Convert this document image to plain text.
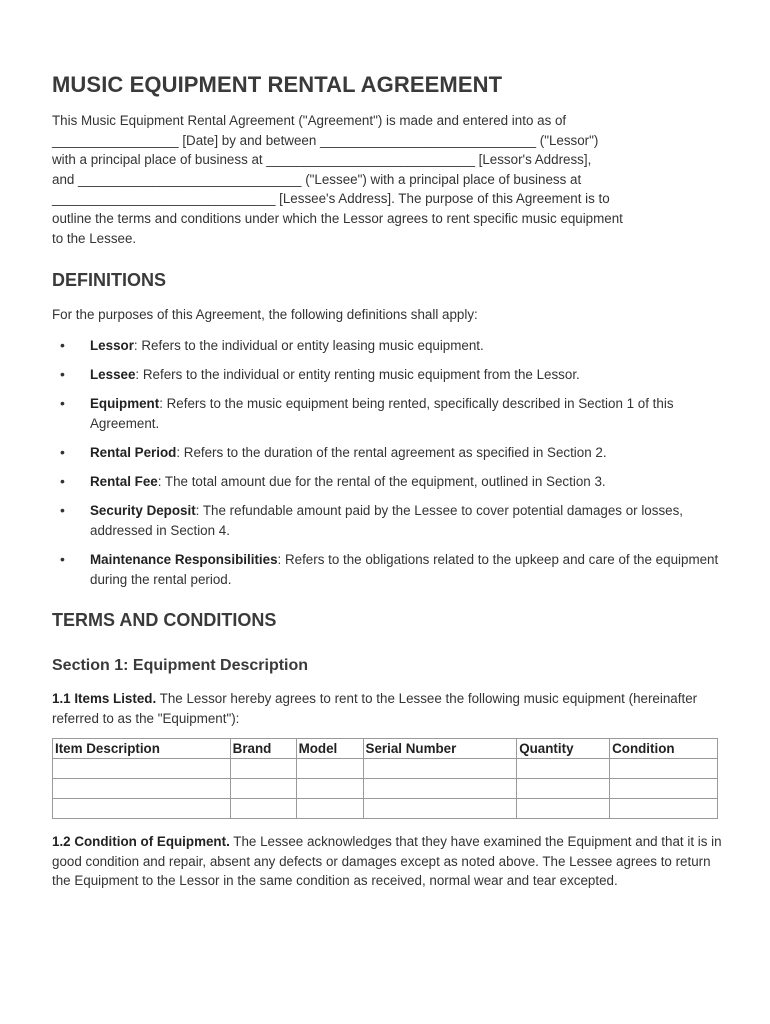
MUSIC EQUIPMENT RENTAL AGREEMENT

This Music Equipment Rental Agreement ("Agreement") is made and entered into as of
_________________ [Date] by and between _____________________________ ("Lessor")
with a principal place of business at ____________________________ [Lessor's Address],
and ______________________________ ("Lessee") with a principal place of business at
______________________________ [Lessee's Address]. The purpose of this Agreement is to
outline the terms and conditions under which the Lessor agrees to rent specific music equipment
to the Lessee.

DEFINITIONS

For the purposes of this Agreement, the following definitions shall apply:

• Lessor: Refers to the individual or entity leasing music equipment.
• Lessee: Refers to the individual or entity renting music equipment from the Lessor.
• Equipment: Refers to the music equipment being rented, specifically described in Section 1 of this Agreement.
• Rental Period: Refers to the duration of the rental agreement as specified in Section 2.
• Rental Fee: The total amount due for the rental of the equipment, outlined in Section 3.
• Security Deposit: The refundable amount paid by the Lessee to cover potential damages or losses, addressed in Section 4.
• Maintenance Responsibilities: Refers to the obligations related to the upkeep and care of the equipment during the rental period.
TERMS AND CONDITIONS
Section 1: Equipment Description

1.1 Items Listed. The Lessor hereby agrees to rent to the Lessee the following music equipment (hereinafter referred to as the "Equipment"):

Item Description	Brand	Model	Serial Number	Quantity	Condition

1.2 Condition of Equipment. The Lessee acknowledges that they have examined the Equipment and that it is in good condition and repair, absent any defects or damages except as noted above. The Lessee agrees to return the Equipment to the Lessor in the same condition as received, normal wear and tear excepted.
